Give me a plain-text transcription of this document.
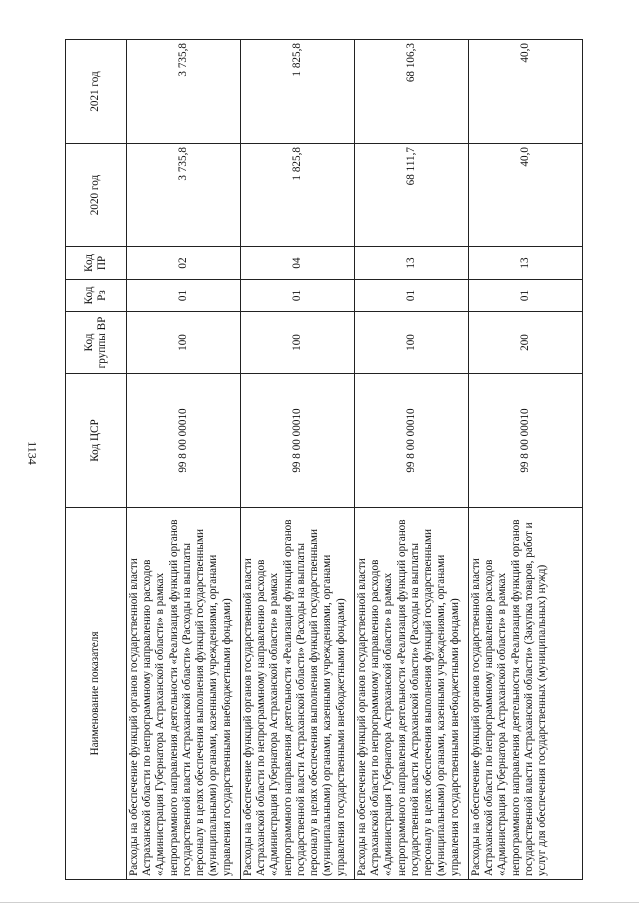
1134
Наименование показателя	Код ЦСР	Код группы ВР	Код Рз	Код ПР	2020 год	2021 год
Расходы на обеспечение функций органов государственной власти Астраханской области по непрограммному направлению расходов «Администрация Губернатора Астраханской области» в рамках непрограммного направления деятельности «Реализация функций органов государственной власти Астраханской области» (Расходы на выплаты персоналу в целях обеспечения выполнения функций государственными (муниципальными) органами, казенными учреждениями, органами управления государственными внебюджетными фондами)	99 8 00 00010	100	01	02	3 735,8	3 735,8
Расходы на обеспечение функций органов государственной власти Астраханской области по непрограммному направлению расходов «Администрация Губернатора Астраханской области» в рамках непрограммного направления деятельности «Реализация функций органов государственной власти Астраханской области» (Расходы на выплаты персоналу в целях обеспечения выполнения функций государственными (муниципальными) органами, казенными учреждениями, органами управления государственными внебюджетными фондами)	99 8 00 00010	100	01	04	1 825,8	1 825,8
Расходы на обеспечение функций органов государственной власти Астраханской области по непрограммному направлению расходов «Администрация Губернатора Астраханской области» в рамках непрограммного направления деятельности «Реализация функций органов государственной власти Астраханской области» (Расходы на выплаты персоналу в целях обеспечения выполнения функций государственными (муниципальными) органами, казенными учреждениями, органами управления государственными внебюджетными фондами)	99 8 00 00010	100	01	13	68 111,7	68 106,3
Расходы на обеспечение функций органов государственной власти Астраханской области по непрограммному направлению расходов «Администрация Губернатора Астраханской области» в рамках непрограммного направления деятельности «Реализация функций органов государственной власти Астраханской области» (Закупка товаров, работ и услуг для обеспечения государственных (муниципальных) нужд)	99 8 00 00010	200	01	13	40,0	40,0
